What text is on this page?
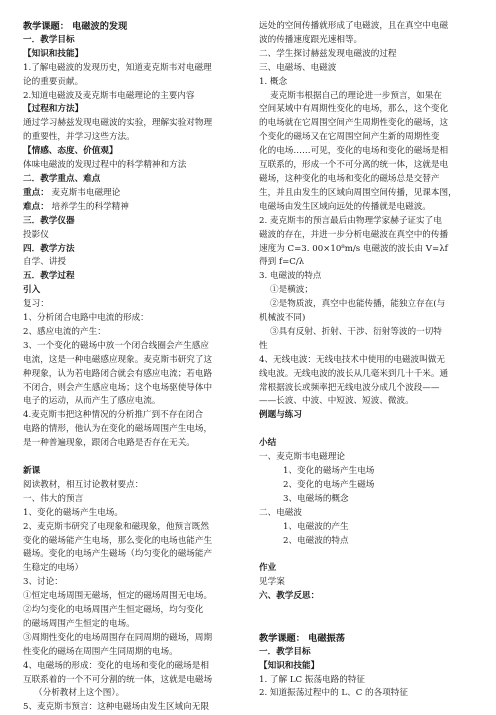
教学课题： 电磁波的发现
一．教学目标
【知识和技能】
1.了解电磁波的发现历史，知道麦克斯韦对电磁理
论的重要贡献。
2.知道电磁波及麦克斯韦电磁理论的主要内容
【过程和方法】
通过学习赫兹发现电磁波的实验，理解实验对物理
的重要性，并学习这些方法。
【情感、态度、价值观】
体味电磁波的发现过程中的科学精神和方法
二．教学重点、难点
重点： 麦克斯韦电磁理论
难点： 培养学生的科学精神
三．教学仪器
投影仪
四．教学方法
自学、讲授
五．教学过程
引入
复习：
1、分析闭合电路中电流的形成：
2、感应电流的产生：
3、一个变化的磁场中放一个闭合线圈会产生感应
电流，这是一种电磁感应现象。麦克斯韦研究了这
种现象，认为若电路闭合就会有感应电流；若电路
不闭合，则会产生感应电场；这个电场驱使导体中
电子的运动，从而产生了感应电流。
4.麦克斯韦把这种情况的分析推广到不存在闭合
电路的情形，他认为在变化的磁场周围产生电场，
是一种普遍现象，跟闭合电路是否存在无关。
新课
阅读教材，相互讨论教材要点：
一、伟大的预言
1、变化的磁场产生电场。
2、麦克斯韦研究了电现象和磁现象，他预言既然
变化的磁场能产生电场，那么变化的电场也能产生
磁场。变化的电场产生磁场（均匀变化的磁场能产
生稳定的电场）
3、讨论：
①恒定电场周围无磁场，恒定的磁场周围无电场。
②均匀变化的电场周围产生恒定磁场，均匀变化
的磁场周围产生恒定的电场。
③周期性变化的电场周围存在同周期的磁场，周期
性变化的磁场在周围产生同周期的电场。
4、电磁场的形成：变化的电场和变化的磁场是相
互联系着的一个不可分割的统一体，这就是电磁场
（分析教材上这个图）。
5、麦克斯韦预言：这种电磁场由发生区域向无限
远处的空间传播就形成了电磁波，且在真空中电磁
波的传播速度跟光速相等。
二、学生探讨赫兹发现电磁波的过程
三、电磁场、电磁波
1. 概念
麦克斯韦根据自己的理论进一步预言，如果在
空间某域中有周期性变化的电场，那么，这个变化
的电场就在它周围空间产生周期性变化的磁场，这
个变化的磁场又在它周围空间产生新的周期性变
化的电场……可见，变化的电场和变化的磁场是相
互联系的，形成一个不可分离的统一体，这就是电
磁场，这种变化的电场和变化的磁场总是交替产
生，并且由发生的区域向周围空间传播，见课本图，
电磁场由发生区域向远处的传播就是电磁波。
2. 麦克斯韦的预言最后由物理学家赫子证实了电
磁波的存在，并进一步分析电磁波在真空中的传播
速度为 C=3. 00×10⁸m/s 电磁波的波长由 V=λf
得到 f=C/λ
3. 电磁波的特点
①是横波；
②是物质波，真空中也能传播，能独立存在(与
机械波不同)
③具有反射、折射、干涉、衍射等波的一切特
性
4、无线电波：无线电技术中使用的电磁波叫做无
线电波。无线电波的波长从几毫米到几十千米。通
常根据波长或频率把无线电波分成几个波段——
——长波、中波、中短波、短波、微波。
例题与练习
小结
一、麦克斯韦电磁理论
1、变化的磁场产生电场
2、变化的电场产生磁场
3、电磁场的概念
二、电磁波
1、电磁波的产生
2、电磁波的特点
作业
见学案
六、教学反思：
教学课题： 电磁振荡
一．教学目标
【知识和技能】
1. 了解 LC 振荡电路的特征
2. 知道振荡过程中的 L、C 的各项特征
